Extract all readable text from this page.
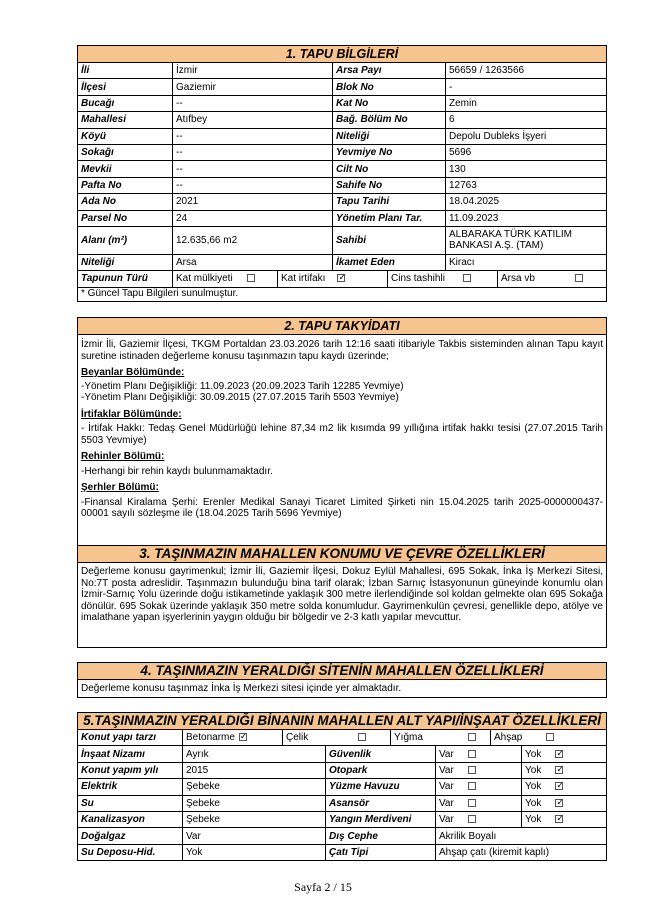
1. TAPU BİLGİLERİ
İli	İzmir	Arsa Payı	56659 / 1263566
İlçesi	Gaziemir	Blok No	-
Bucağı	--	Kat No	Zemin
Mahallesi	Atıfbey	Bağ. Bölüm No	6
Köyü	--	Niteliği	Depolu Dubleks İşyeri
Sokağı	--	Yevmiye No	5696
Mevkii	--	Cilt No	130
Pafta No	--	Sahife No	12763
Ada No	2021	Tapu Tarihi	18.04.2025
Parsel No	24	Yönetim Planı Tar.	11.09.2023
Alanı (m²)	12.635,66 m2	Sahibi	ALBARAKA TÜRK KATILIM BANKASI A.Ş. (TAM)
Niteliği	Arsa	İkamet Eden	Kiracı
Tapunun Türü	Kat mülkiyeti	Kat irtifakı✓	Cins tashihli	Arsa vb
* Güncel Tapu Bilgileri sunulmuştur.
2. TAPU TAKYİDATI

İzmir İli, Gaziemir İlçesi, TKGM Portaldan 23.03.2026 tarih 12:16 saati itibariyle Takbis sisteminden alınan Tapu kayıt suretine istinaden değerleme konusu taşınmazın tapu kaydı üzerinde;

Beyanlar Bölümünde:

-Yönetim Planı Değişikliği: 11.09.2023 (20.09.2023 Tarih 12285 Yevmiye)

-Yönetim Planı Değişikliği: 30.09.2015 (27.07.2015 Tarih 5503 Yevmiye)

İrtifaklar Bölümünde:

- İrtifak Hakkı: Tedaş Genel Müdürlüğü lehine 87,34 m2 lik kısımda 99 yıllığına irtifak hakkı tesisi (27.07.2015 Tarih 5503 Yevmiye)

Rehinler Bölümü:

-Herhangi bir rehin kaydı bulunmamaktadır.

Şerhler Bölümü:

-Finansal Kiralama Şerhi: Erenler Medikal Sanayi Ticaret Limited Şirketi nin 15.04.2025 tarih 2025-0000000437-00001 sayılı sözleşme ile (18.04.2025 Tarih 5696 Yevmiye)

3. TAŞINMAZIN MAHALLEN KONUMU VE ÇEVRE ÖZELLİKLERİ
Değerleme konusu gayrimenkul; İzmir İli, Gaziemir İlçesi, Dokuz Eylül Mahallesi, 695 Sokak, İnka İş Merkezi Sitesi, No:7T posta adreslidir. Taşınmazın bulunduğu bina tarif olarak; İzban Sarnıç İstasyonunun güneyinde konumlu olan İzmir-Sarnıç Yolu üzerinde doğu istikametinde yaklaşık 300 metre ilerlendiğinde sol koldan gelmekte olan 695 Sokağa dönülür. 695 Sokak üzerinde yaklaşık 350 metre solda konumludur. Gayrimenkulün çevresi, genellikle depo, atölye ve imalathane yapan işyerlerinin yaygın olduğu bir bölgedir ve 2-3 katlı yapılar mevcuttur.
4. TAŞINMAZIN YERALDIĞI SİTENİN MAHALLEN ÖZELLİKLERİ
Değerleme konusu taşınmaz İnka İş Merkezi sitesi içinde yer almaktadır.
5.TAŞINMAZIN YERALDIĞI BİNANIN MAHALLEN ALT YAPI/İNŞAAT ÖZELLİKLERİ
Konut yapı tarzı	Betonarme✓	Çelik	Yığma	Ahşap
İnşaat Nizamı	Ayrık	Güvenlik	Var	Yok✓
Konut yapım yılı	2015	Otopark	Var	Yok✓
Elektrik	Şebeke	Yüzme Havuzu	Var	Yok✓
Su	Şebeke	Asansör	Var	Yok✓
Kanalizasyon	Şebeke	Yangın Merdiveni	Var	Yok✓
Doğalgaz	Var	Dış Cephe	Akrilik Boyalı	
Su Deposu-Hid.	Yok	Çatı Tipi	Ahşap çatı (kiremit kaplı)	
Sayfa 2 / 15
